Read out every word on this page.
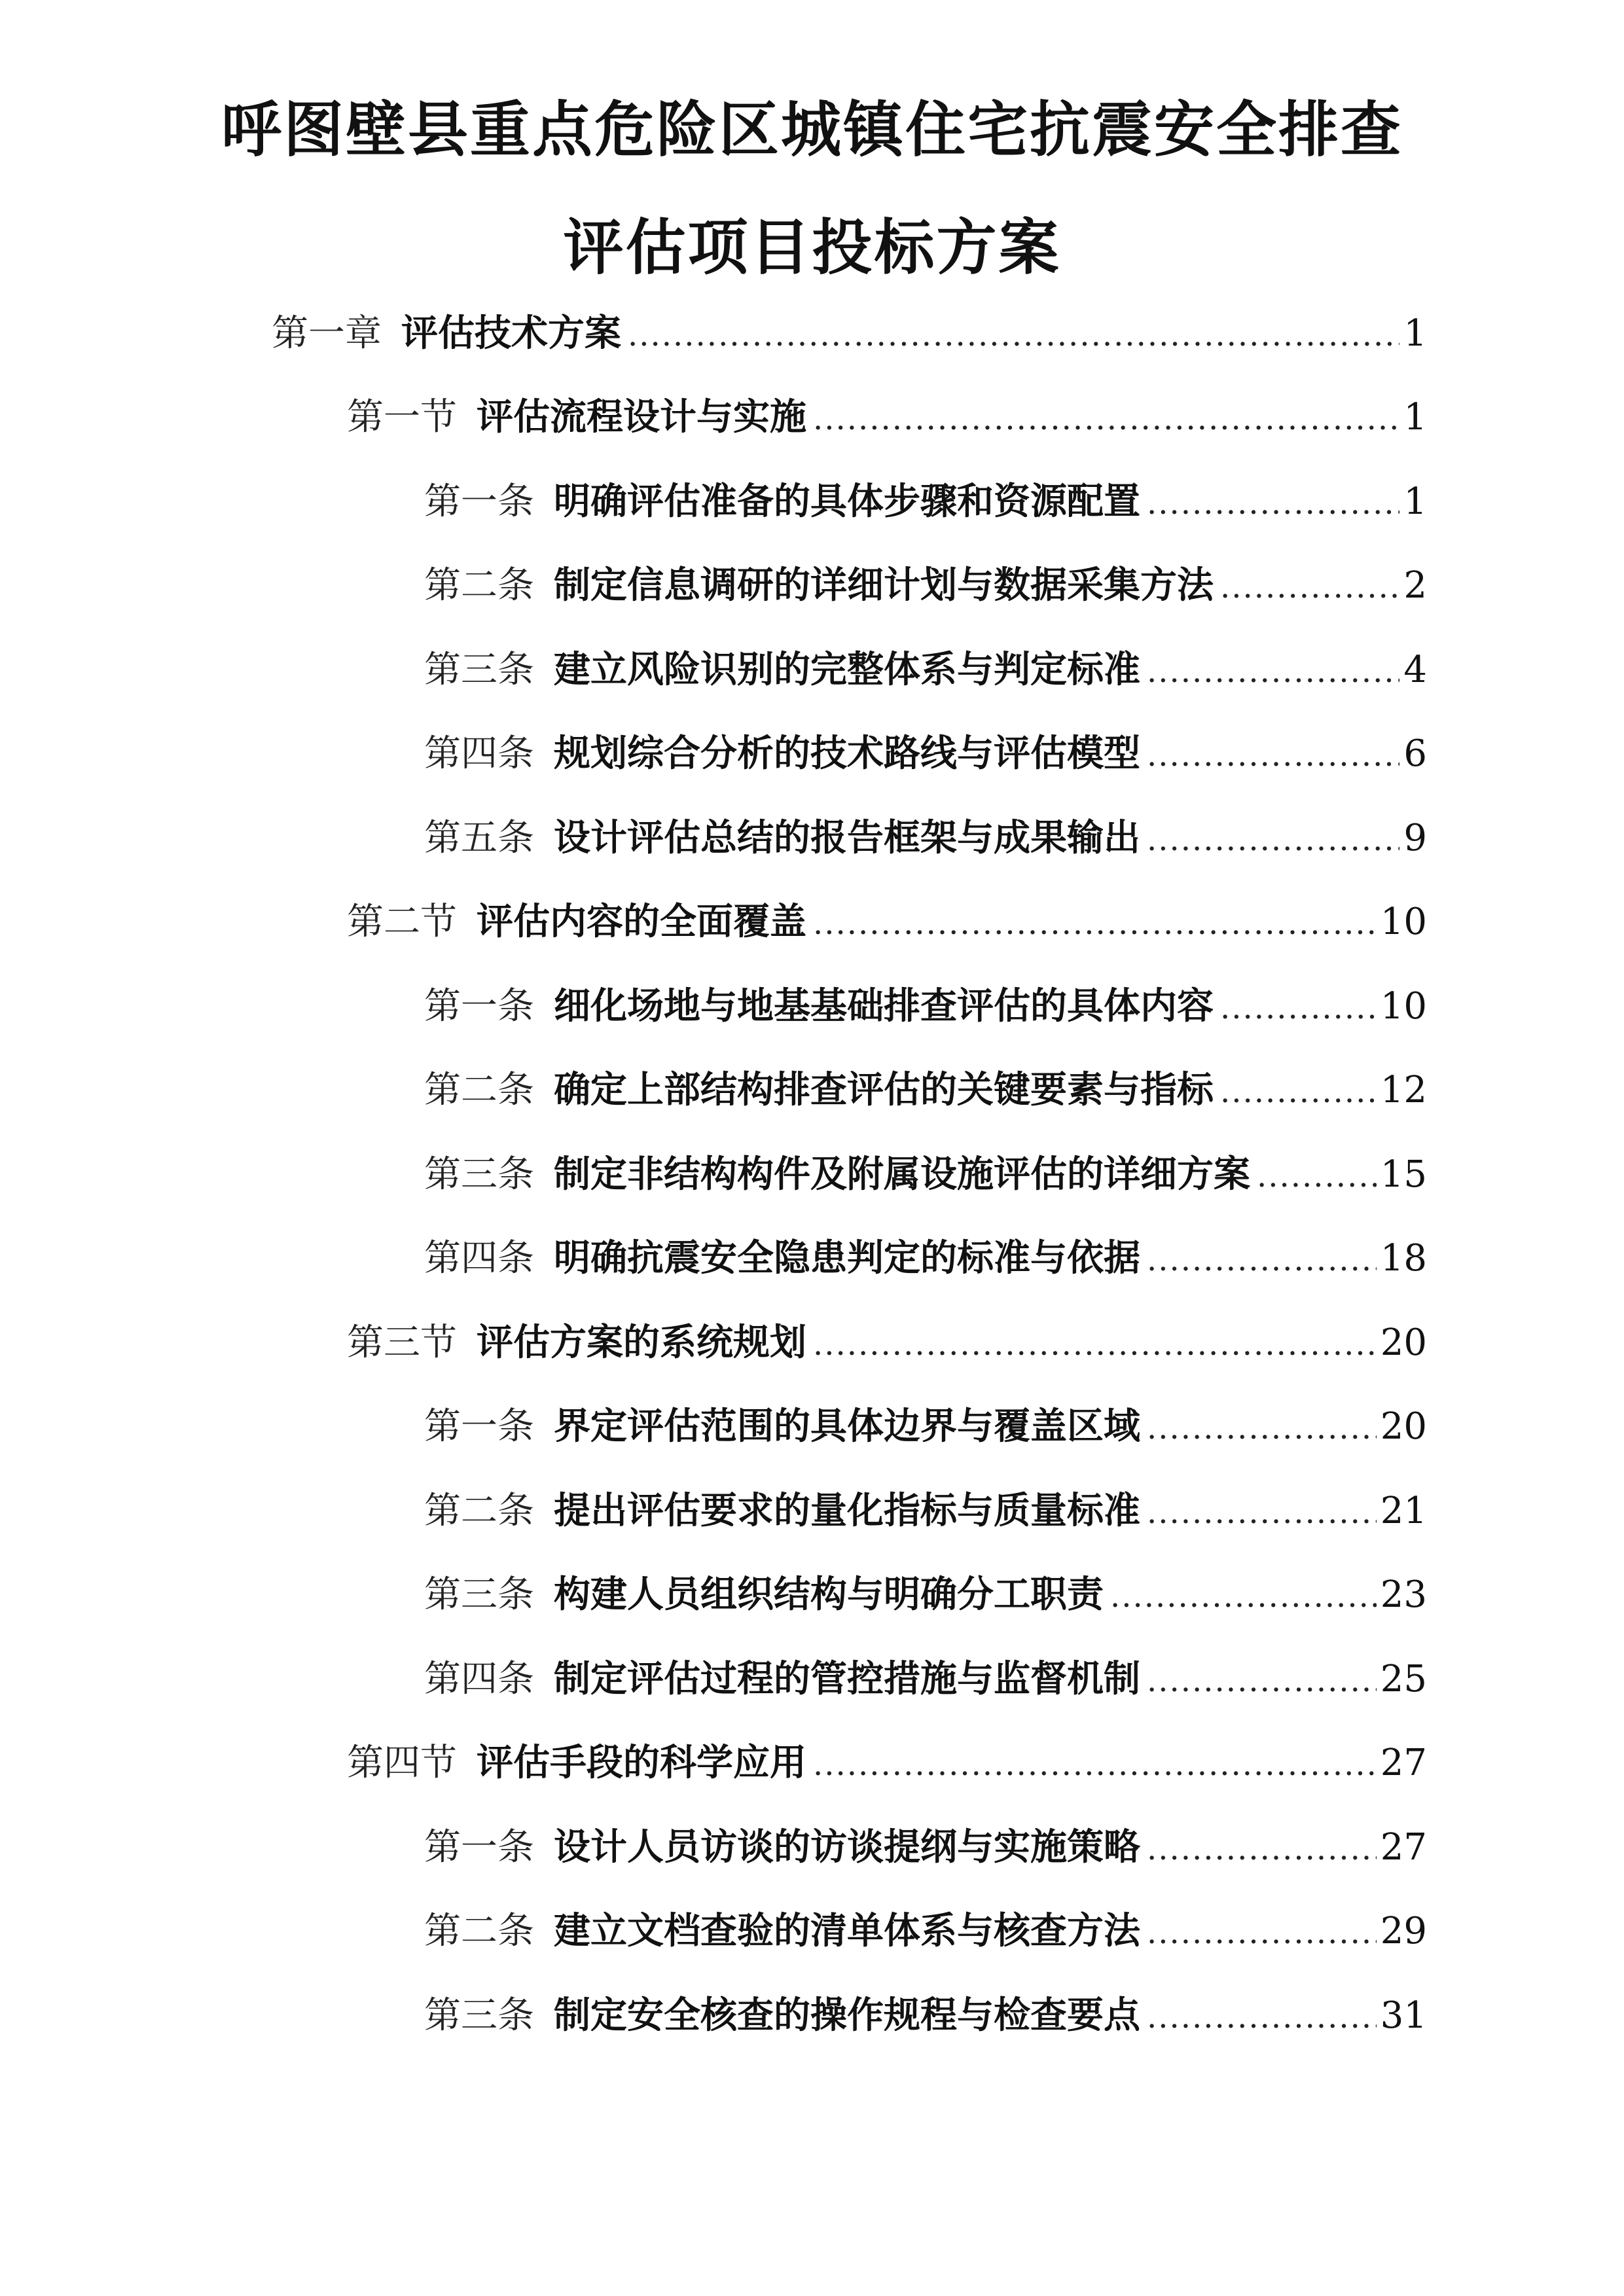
呼图壁县重点危险区城镇住宅抗震安全排查
评估项目投标方案
第一章 评估技术方案 .....	1
第一节 评估流程设计与实施 .....	1
第一条 明确评估准备的具体步骤和资源配置 .....	1
第二条 制定信息调研的详细计划与数据采集方法 .....	2
第三条 建立风险识别的完整体系与判定标准 .....	4
第四条 规划综合分析的技术路线与评估模型 .....	6
第五条 设计评估总结的报告框架与成果输出 .....	9
第二节 评估内容的全面覆盖 .....	10
第一条 细化场地与地基基础排查评估的具体内容 .....	10
第二条 确定上部结构排查评估的关键要素与指标 .....	12
第三条 制定非结构构件及附属设施评估的详细方案 .....	15
第四条 明确抗震安全隐患判定的标准与依据 .....	18
第三节 评估方案的系统规划 .....	20
第一条 界定评估范围的具体边界与覆盖区域 .....	20
第二条 提出评估要求的量化指标与质量标准 .....	21
第三条 构建人员组织结构与明确分工职责 .....	23
第四条 制定评估过程的管控措施与监督机制 .....	25
第四节 评估手段的科学应用 .....	27
第一条 设计人员访谈的访谈提纲与实施策略 .....	27
第二条 建立文档查验的清单体系与核查方法 .....	29
第三条 制定安全核查的操作规程与检查要点 .....	31
